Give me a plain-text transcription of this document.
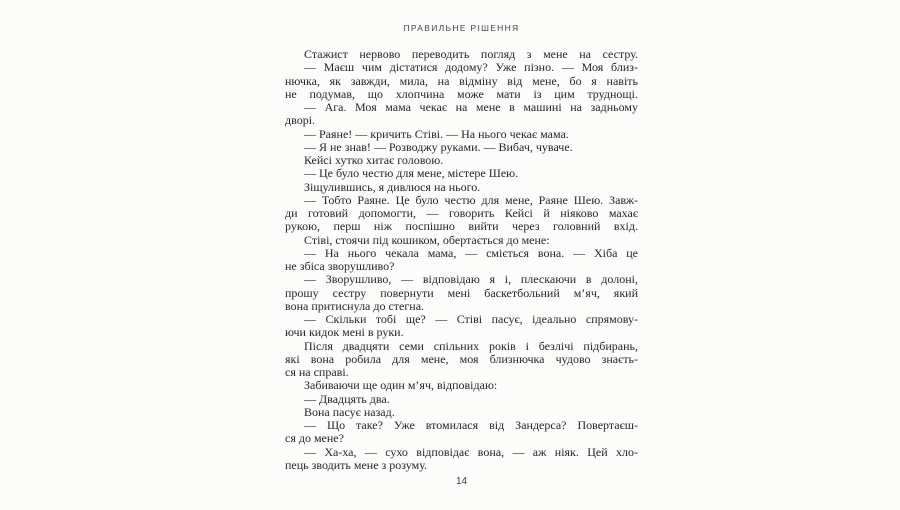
ПРАВИЛЬНЕ РІШЕННЯ
Стажист нервово переводить погляд з мене на сестру.
— Маєш чим дістатися додому? Уже пізно. — Моя близ-
нючка, як завжди, мила, на відміну від мене, бо я навіть
не подумав, що хлопчина може мати із цим труднощі.
— Ага. Моя мама чекає на мене в машині на задньому
дворі.
— Раяне! — кричить Стіві. — На нього чекає мама.
— Я не знав! — Розводжу руками. — Вибач, чуваче.
Кейсі хутко хитає головою.
— Це було честю для мене, містере Шею.
Зіщулившись, я дивлюся на нього.
— Тобто Раяне. Це було честю для мене, Раяне Шею. Завж-
ди готовий допомогти, — говорить Кейсі й ніяково махає
рукою, перш ніж поспішно вийти через головний вхід.
Стіві, стоячи під кошиком, обертається до мене:
— На нього чекала мама, — сміється вона. — Хіба це
не збіса зворушливо?
— Зворушливо, — відповідаю я і, плескаючи в долоні,
прошу сестру повернути мені баскетбольний м’яч, який
вона притиснула до стегна.
— Скільки тобі ще? — Стіві пасує, ідеально спрямову-
ючи кидок мені в руки.
Після двадцяти семи спільних років і безлічі підбирань,
які вона робила для мене, моя близнючка чудово знаєть-
ся на справі.
Забиваючи ще один м’яч, відповідаю:
— Двадцять два.
Вона пасує назад.
— Що таке? Уже втомилася від Зандерса? Повертаєш-
ся до мене?
— Ха-ха, — сухо відповідає вона, — аж ніяк. Цей хло-
пець зводить мене з розуму.
14
